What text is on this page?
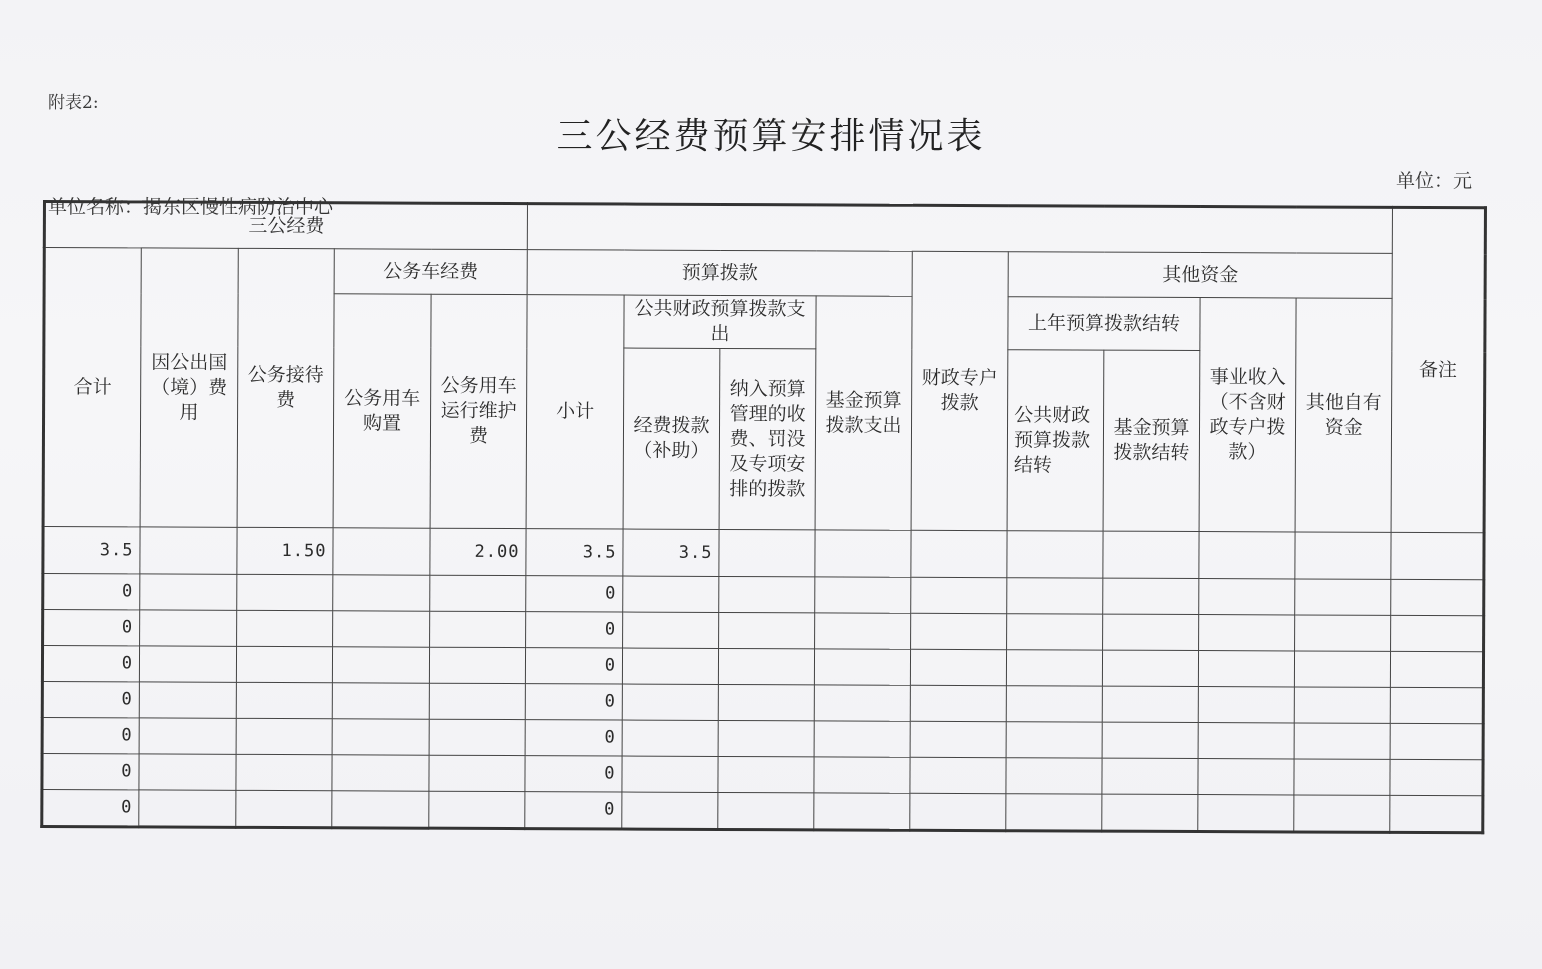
附表2:
三公经费预算安排情况表
单位：元
单位名称：揭东区慢性病防治中心
三公经费														备注
合计	因公出国（境）费用	公务接待费	公务车经费		预算拨款				财政专户拨款	其他资金				
			公务用车购置	公务用车运行维护费	小计	公共财政预算拨款支出		基金预算拨款支出		上年预算拨款结转		事业收入（不含财政专户拨款）	其他自有资金	
						经费拨款（补助）	纳入预算管理的收费、罚没及专项安排的拨款			公共财政预算拨款结转	基金预算拨款结转			
3.5		1.50		2.00	3.5	3.5								
0					0									
0					0									
0					0									
0					0									
0					0									
0					0									
0					0									
